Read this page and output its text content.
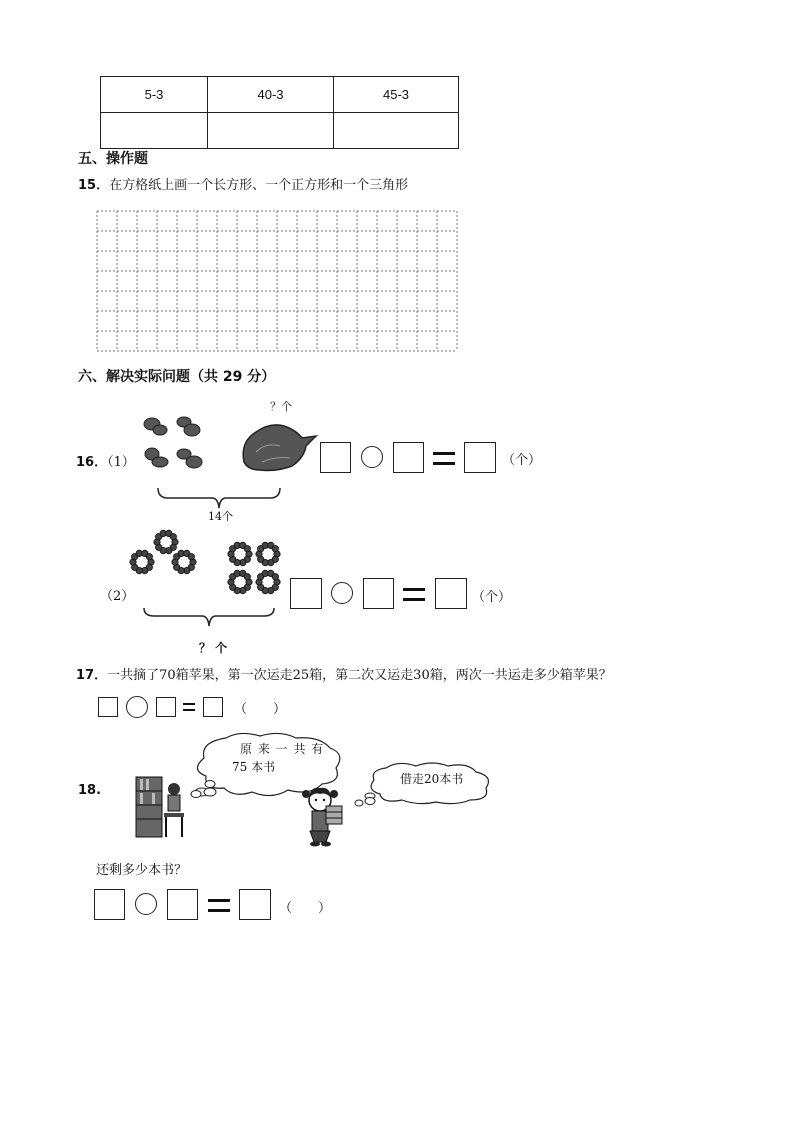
5-3	40-3	45-3

五、操作题
15．在方格纸上画一个长方形、一个正方形和一个三角形
六、解决实际问题（共 29 分）
16．（1）
？个
14个
（个）
（2）
？ 个
（个）
17．一共摘了70箱苹果，第一次运走25箱，第二次又运走30箱，两次一共运走多少箱苹果？
（　　）
18.
原 来 一 共 有
75 本书
借走20本书
还剩多少本书？
（　　）
